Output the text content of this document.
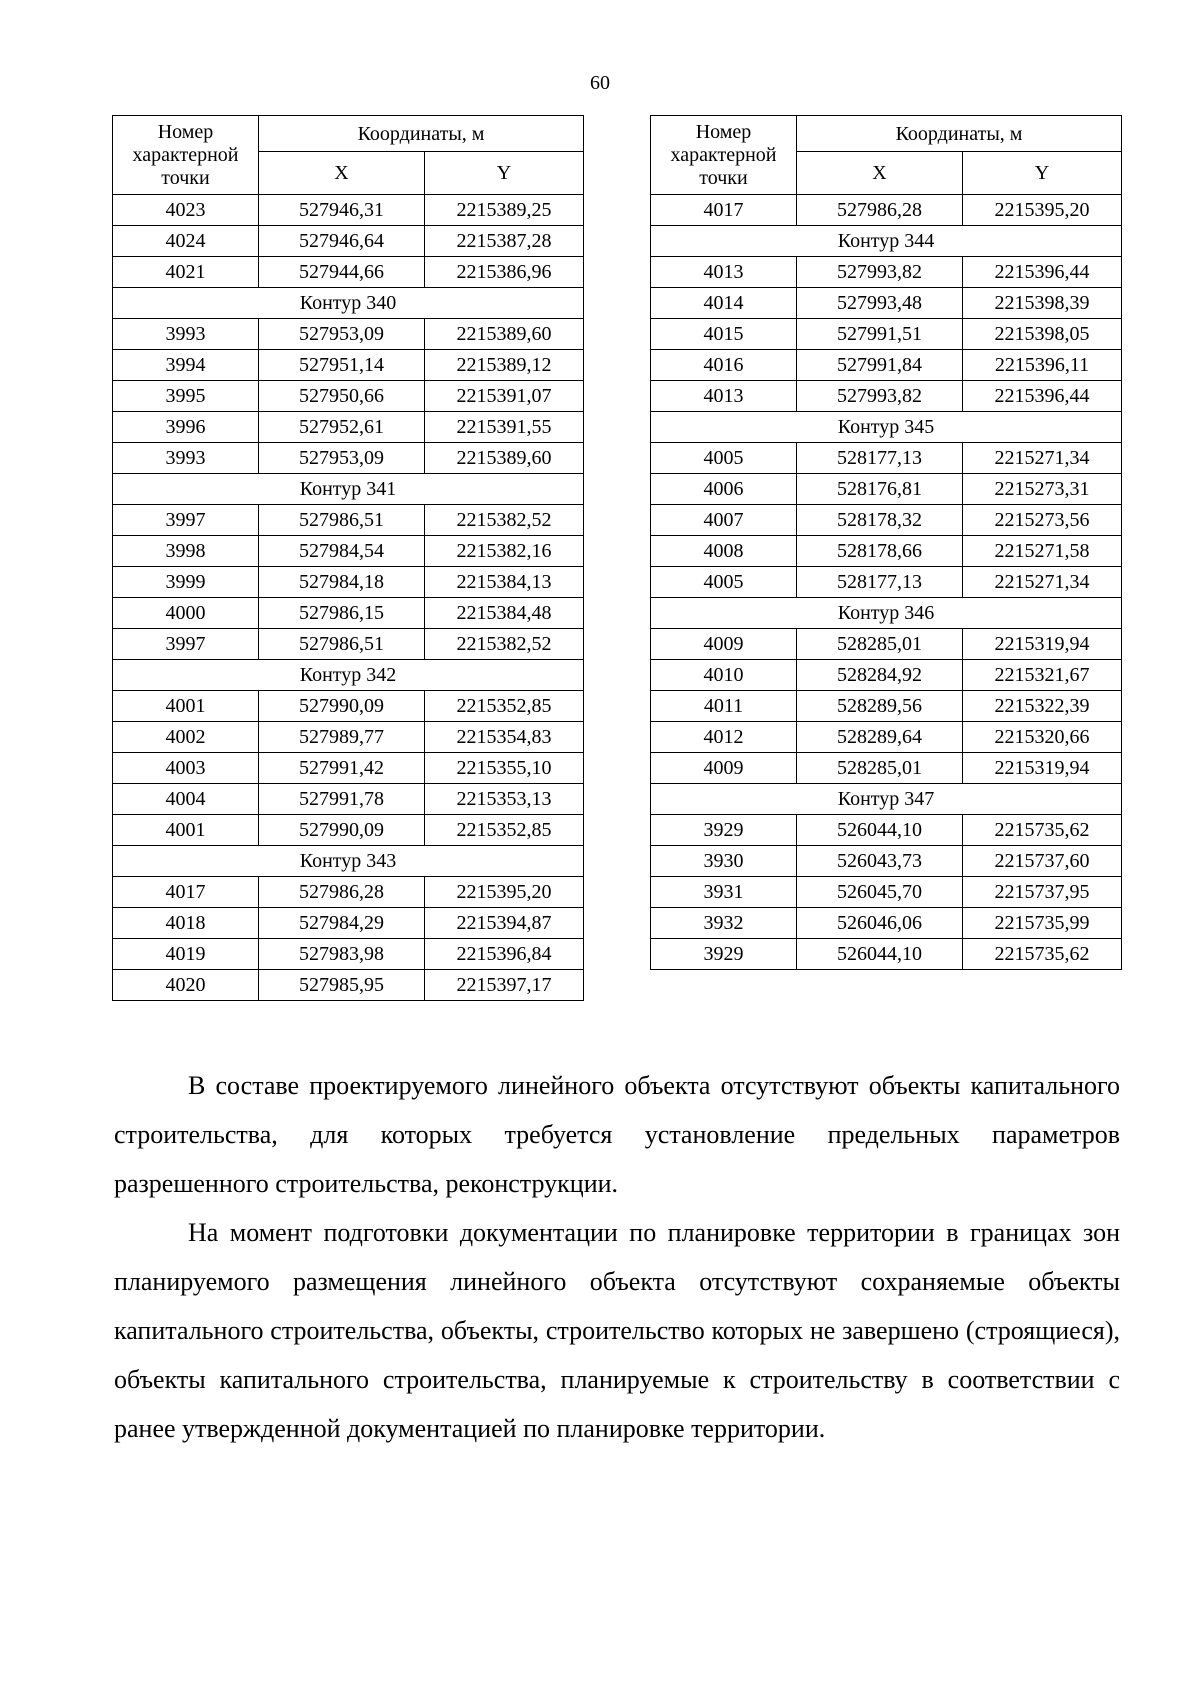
60
Номер характерной точки	Координаты, м	
	X	Y
4023	527946,31	2215389,25
4024	527946,64	2215387,28
4021	527944,66	2215386,96
Контур 340		
3993	527953,09	2215389,60
3994	527951,14	2215389,12
3995	527950,66	2215391,07
3996	527952,61	2215391,55
3993	527953,09	2215389,60
Контур 341		
3997	527986,51	2215382,52
3998	527984,54	2215382,16
3999	527984,18	2215384,13
4000	527986,15	2215384,48
3997	527986,51	2215382,52
Контур 342		
4001	527990,09	2215352,85
4002	527989,77	2215354,83
4003	527991,42	2215355,10
4004	527991,78	2215353,13
4001	527990,09	2215352,85
Контур 343		
4017	527986,28	2215395,20
4018	527984,29	2215394,87
4019	527983,98	2215396,84
4020	527985,95	2215397,17
Номер характерной точки	Координаты, м	
	X	Y
4017	527986,28	2215395,20
Контур 344		
4013	527993,82	2215396,44
4014	527993,48	2215398,39
4015	527991,51	2215398,05
4016	527991,84	2215396,11
4013	527993,82	2215396,44
Контур 345		
4005	528177,13	2215271,34
4006	528176,81	2215273,31
4007	528178,32	2215273,56
4008	528178,66	2215271,58
4005	528177,13	2215271,34
Контур 346		
4009	528285,01	2215319,94
4010	528284,92	2215321,67
4011	528289,56	2215322,39
4012	528289,64	2215320,66
4009	528285,01	2215319,94
Контур 347		
3929	526044,10	2215735,62
3930	526043,73	2215737,60
3931	526045,70	2215737,95
3932	526046,06	2215735,99
3929	526044,10	2215735,62

В составе проектируемого линейного объекта отсутствуют объекты капитального строительства, для которых требуется установление предельных параметров разрешенного строительства, реконструкции.

На момент подготовки документации по планировке территории в границах зон планируемого размещения линейного объекта отсутствуют сохраняемые объекты капитального строительства, объекты, строительство которых не завершено (строящиеся), объекты капитального строительства, планируемые к строительству в соответствии с ранее утвержденной документацией по планировке территории.
